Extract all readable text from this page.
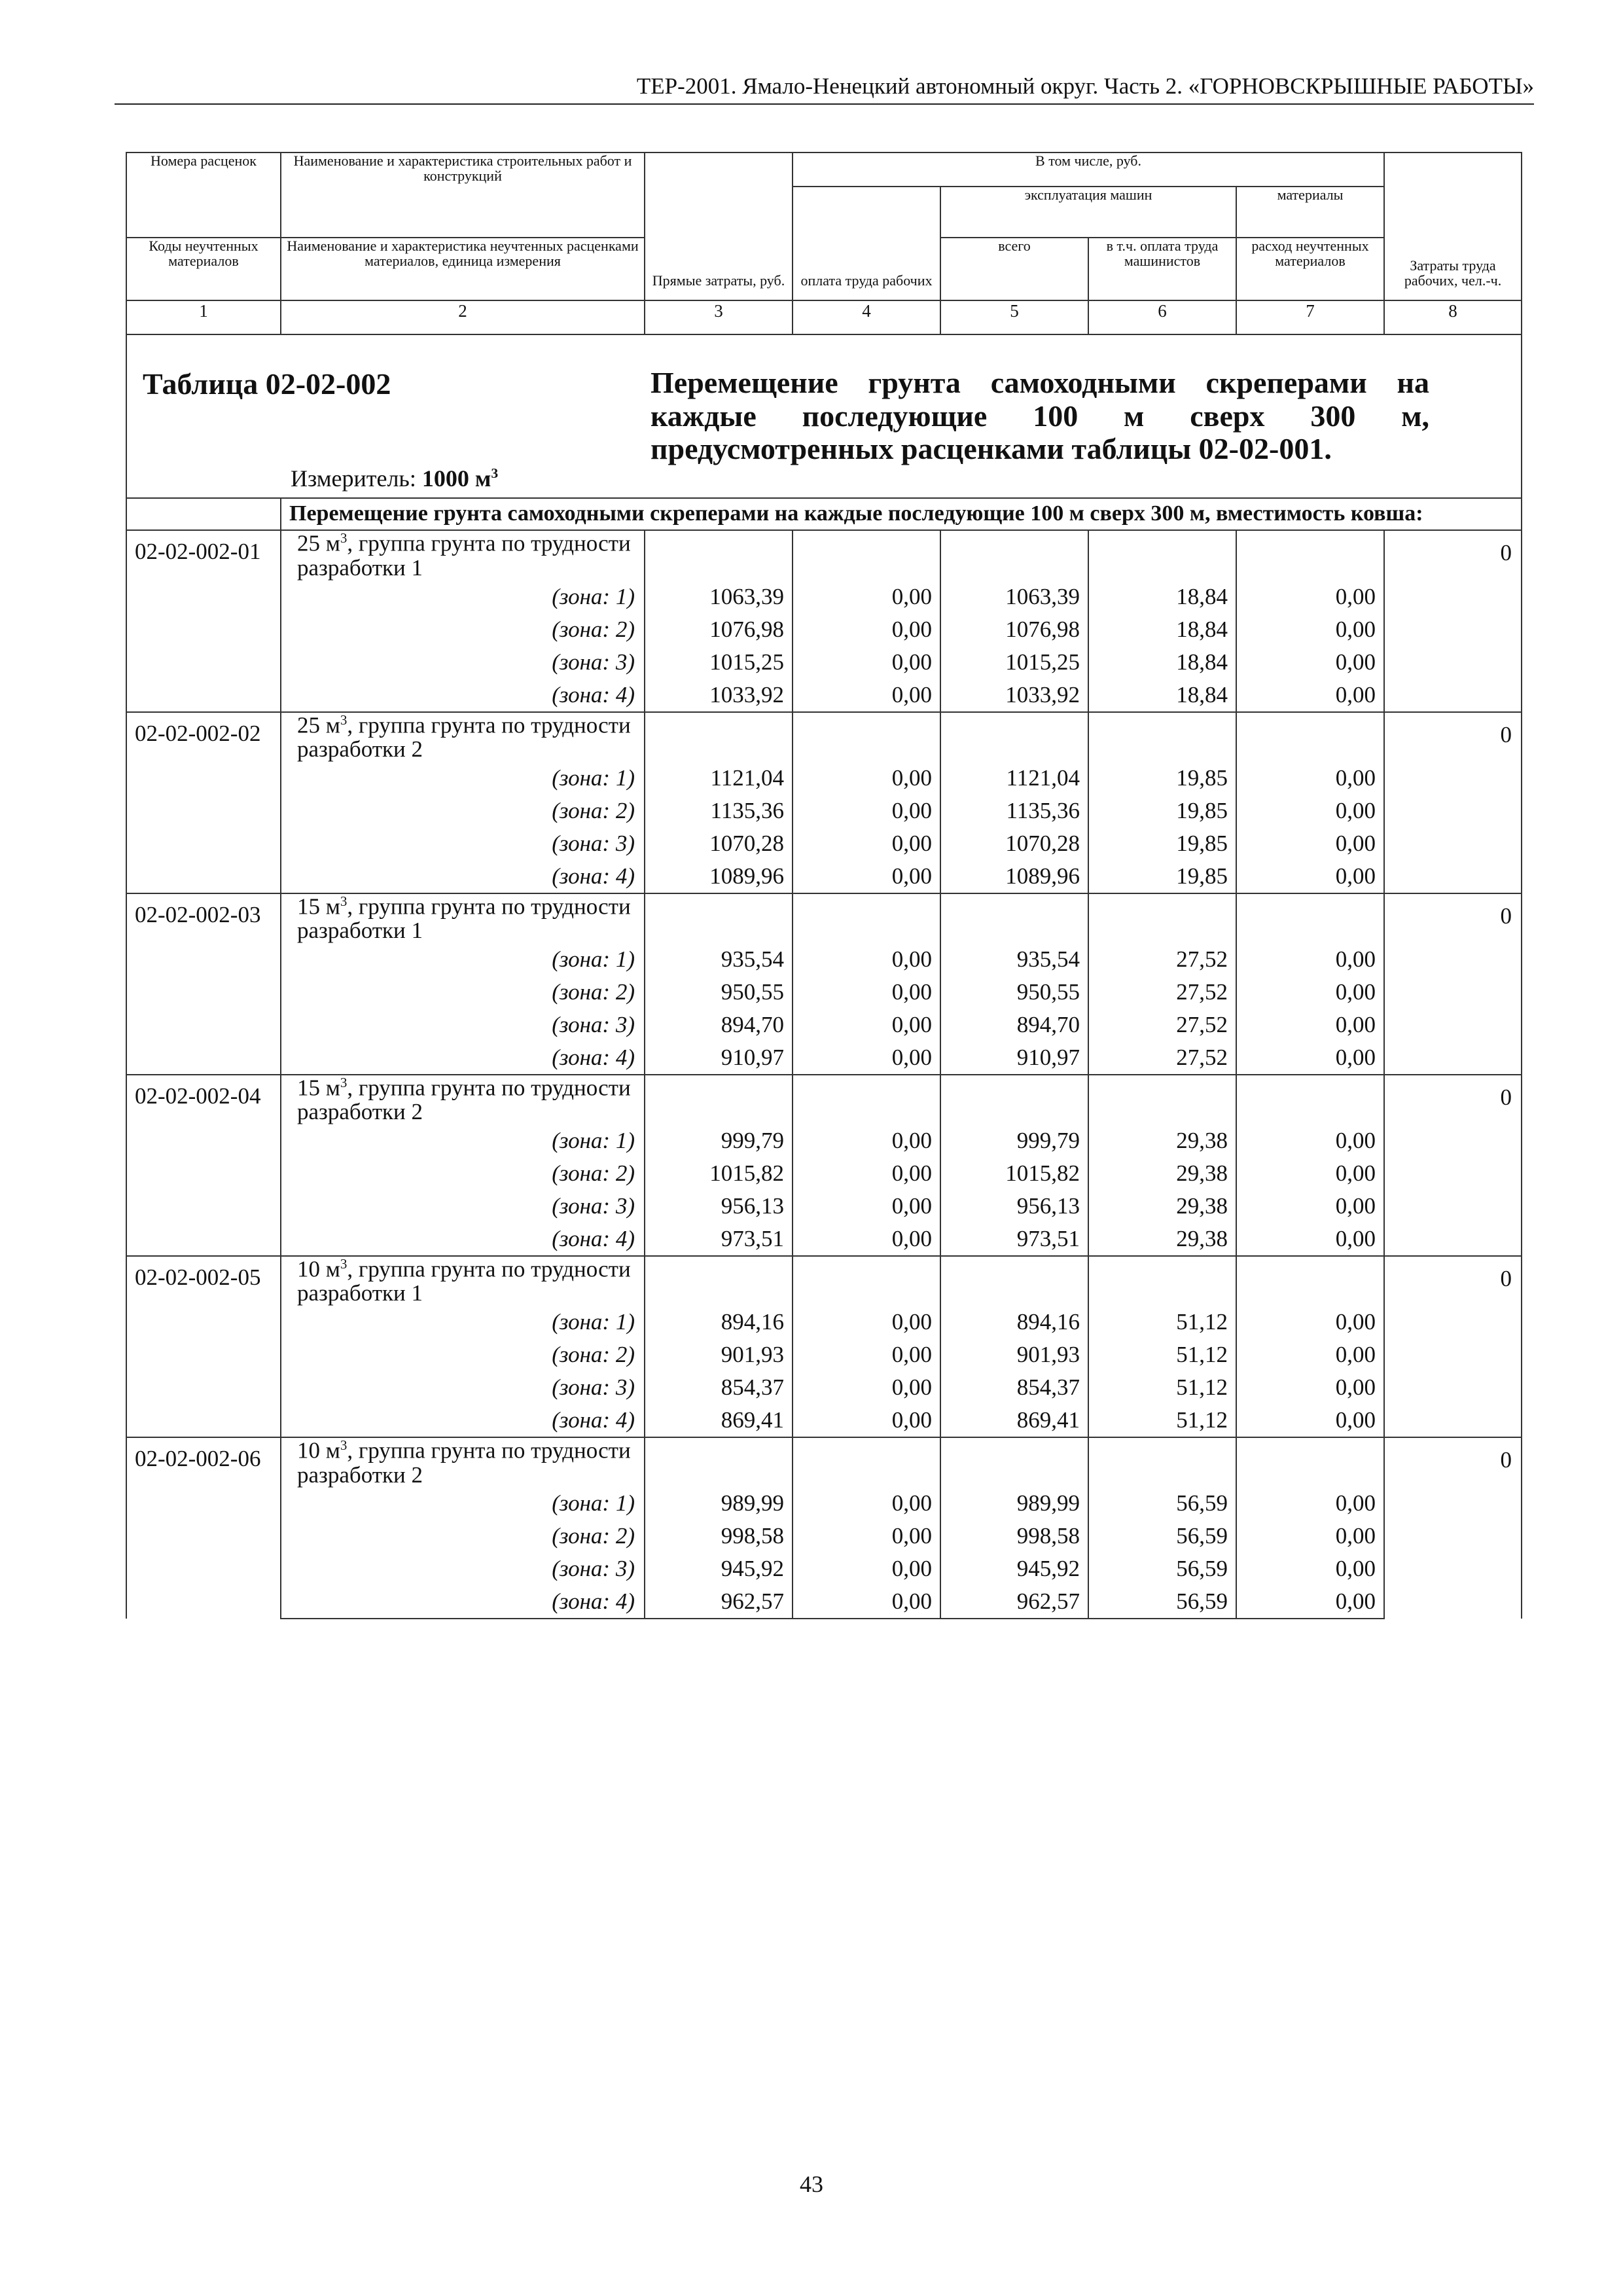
ТЕР-2001. Ямало-Ненецкий автономный округ. Часть 2. «ГОРНОВСКРЫШНЫЕ РАБОТЫ»
Номера расценок	Наименование и характеристика строительных работ и конструкций	Прямые затраты, руб.	В том числе, руб.				Затраты труда рабочих, чел.-ч.
			оплата труда рабочих	эксплуатация машин		материалы	
Коды неучтенных материалов	Наименование и характеристика неучтенных расценками материалов, единица измерения			всего	в т.ч. оплата труда машинистов	расход неучтенных материалов	
1	2	3	4	5	6	7	8

Таблица 02-02-002 Перемещение грунта самоходными скреперами на каждые последующие 100 м сверх 300 м, предусмотренных расценками таблицы 02-02-001.
Измеритель: 1000 $м^3$

	Перемещение грунта самоходными скреперами на каждые последующие 100 м сверх 300 м, вместимость ковша:						
02-02-002-01	25 $м^3$, группа грунта по трудности разработки 1						0
	(зона: 1)	1063,39	0,00	1063,39	18,84	0,00	
	(зона: 2)	1076,98	0,00	1076,98	18,84	0,00	
	(зона: 3)	1015,25	0,00	1015,25	18,84	0,00	
	(зона: 4)	1033,92	0,00	1033,92	18,84	0,00	
02-02-002-02	25 $м^3$, группа грунта по трудности разработки 2						0
	(зона: 1)	1121,04	0,00	1121,04	19,85	0,00	
	(зона: 2)	1135,36	0,00	1135,36	19,85	0,00	
	(зона: 3)	1070,28	0,00	1070,28	19,85	0,00	
	(зона: 4)	1089,96	0,00	1089,96	19,85	0,00	
02-02-002-03	15 $м^3$, группа грунта по трудности разработки 1						0
	(зона: 1)	935,54	0,00	935,54	27,52	0,00	
	(зона: 2)	950,55	0,00	950,55	27,52	0,00	
	(зона: 3)	894,70	0,00	894,70	27,52	0,00	
	(зона: 4)	910,97	0,00	910,97	27,52	0,00	
02-02-002-04	15 $м^3$, группа грунта по трудности разработки 2						0
	(зона: 1)	999,79	0,00	999,79	29,38	0,00	
	(зона: 2)	1015,82	0,00	1015,82	29,38	0,00	
	(зона: 3)	956,13	0,00	956,13	29,38	0,00	
	(зона: 4)	973,51	0,00	973,51	29,38	0,00	
02-02-002-05	10 $м^3$, группа грунта по трудности разработки 1						0
	(зона: 1)	894,16	0,00	894,16	51,12	0,00	
	(зона: 2)	901,93	0,00	901,93	51,12	0,00	
	(зона: 3)	854,37	0,00	854,37	51,12	0,00	
	(зона: 4)	869,41	0,00	869,41	51,12	0,00	
02-02-002-06	10 $м^3$, группа грунта по трудности разработки 2						0
	(зона: 1)	989,99	0,00	989,99	56,59	0,00	
	(зона: 2)	998,58	0,00	998,58	56,59	0,00	
	(зона: 3)	945,92	0,00	945,92	56,59	0,00	
	(зона: 4)	962,57	0,00	962,57	56,59	0,00	
43
